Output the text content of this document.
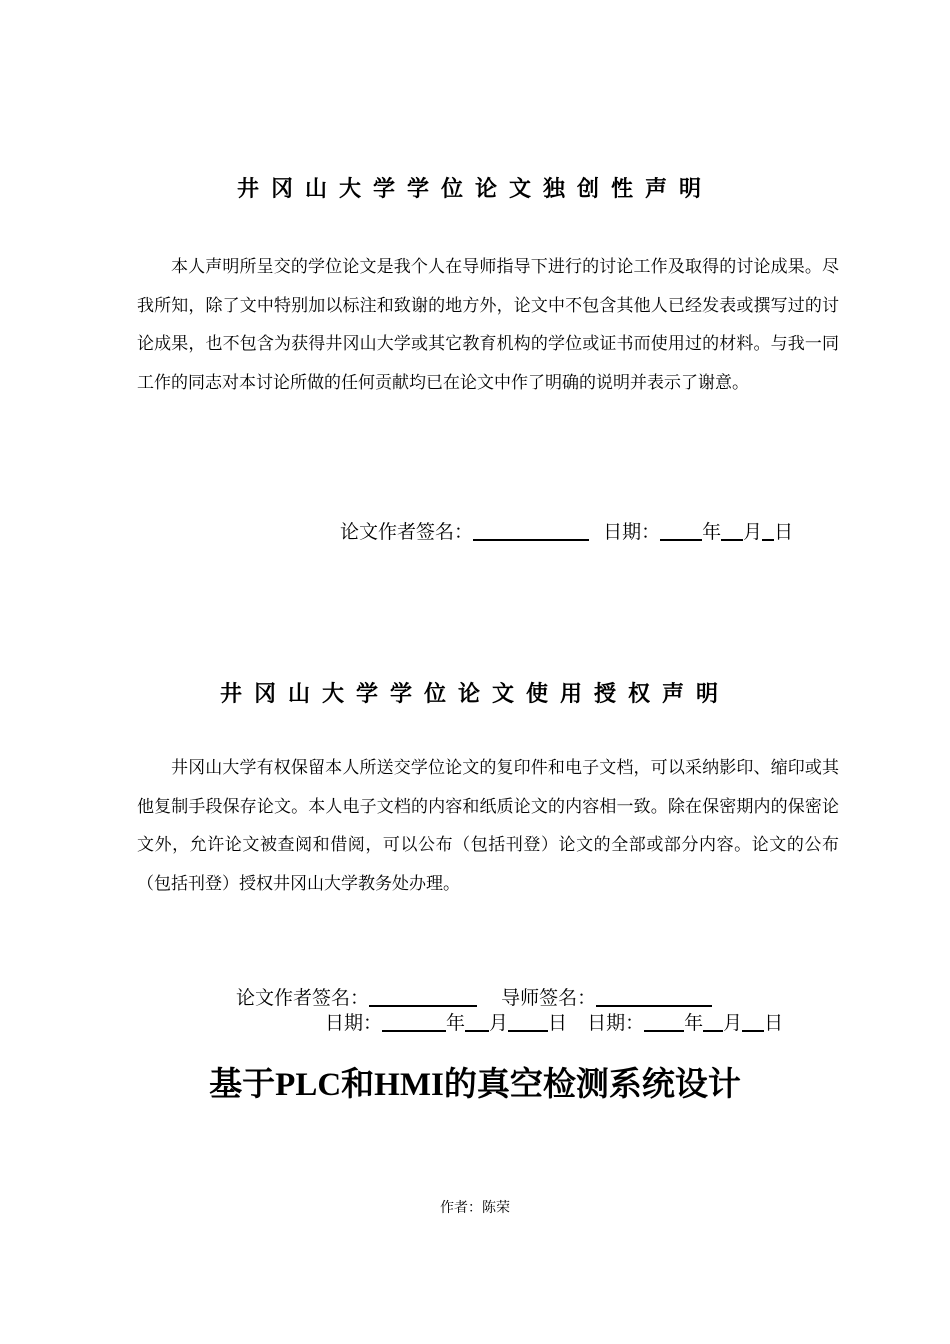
井冈山大学学位论文独创性声明
本人声明所呈交的学位论文是我个人在导师指导下进行的讨论工作及取得的讨论成果。尽我所知，除了文中特别加以标注和致谢的地方外，论文中不包含其他人已经发表或撰写过的讨论成果，也不包含为获得井冈山大学或其它教育机构的学位或证书而使用过的材料。与我一同工作的同志对本讨论所做的任何贡献均已在论文中作了明确的说明并表示了谢意。
论文作者签名：	日期： 年 月 日
井冈山大学学位论文使用授权声明
井冈山大学有权保留本人所送交学位论文的复印件和电子文档，可以采纳影印、缩印或其他复制手段保存论文。本人电子文档的内容和纸质论文的内容相一致。除在保密期内的保密论文外，允许论文被查阅和借阅，可以公布（包括刊登）论文的全部或部分内容。论文的公布（包括刊登）授权井冈山大学教务处办理。
论文作者签名：	导师签名：
日期：	年 月 日 日期： 年 月 日
基于PLC和HMI的真空检测系统设计
作者：陈荣
